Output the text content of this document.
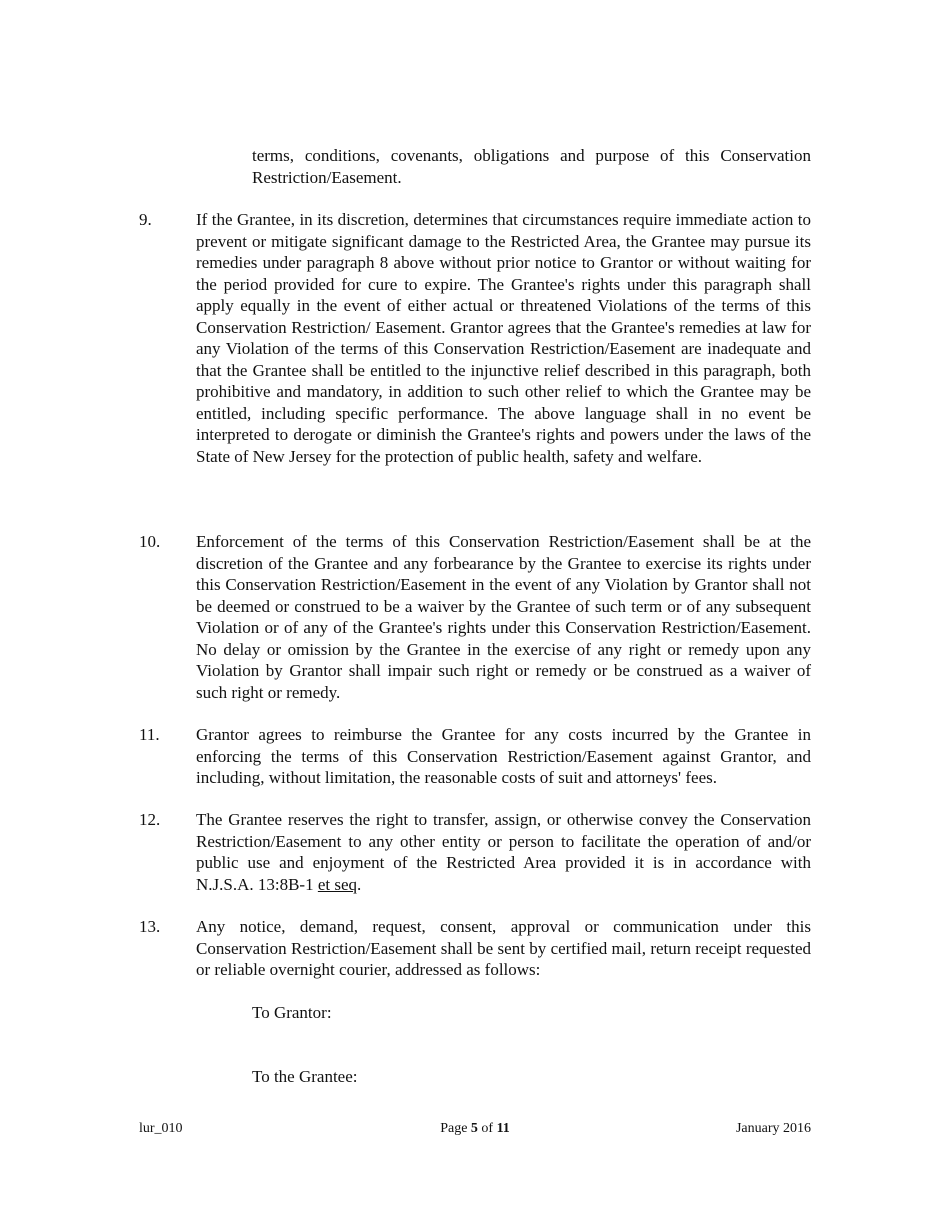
terms, conditions, covenants, obligations and purpose of this Conservation Restriction/Easement.

9.	If the Grantee, in its discretion, determines that circumstances require immediate action to prevent or mitigate significant damage to the Restricted Area, the Grantee may pursue its remedies under paragraph 8 above without prior notice to Grantor or without waiting for the period provided for cure to expire. The Grantee's rights under this paragraph shall apply equally in the event of either actual or threatened Violations of the terms of this Conservation Restriction/ Easement. Grantor agrees that the Grantee's remedies at law for any Violation of the terms of this Conservation Restriction/Easement are inadequate and that the Grantee shall be entitled to the injunctive relief described in this paragraph, both prohibitive and mandatory, in addition to such other relief to which the Grantee may be entitled, including specific performance. The above language shall in no event be interpreted to derogate or diminish the Grantee's rights and powers under the laws of the State of New Jersey for the protection of public health, safety and welfare.

10.	Enforcement of the terms of this Conservation Restriction/Easement shall be at the discretion of the Grantee and any forbearance by the Grantee to exercise its rights under this Conservation Restriction/Easement in the event of any Violation by Grantor shall not be deemed or construed to be a waiver by the Grantee of such term or of any subsequent Violation or of any of the Grantee's rights under this Conservation Restriction/Easement. No delay or omission by the Grantee in the exercise of any right or remedy upon any Violation by Grantor shall impair such right or remedy or be construed as a waiver of such right or remedy.

11.	Grantor agrees to reimburse the Grantee for any costs incurred by the Grantee in enforcing the terms of this Conservation Restriction/Easement against Grantor, and including, without limitation, the reasonable costs of suit and attorneys' fees.

12.	The Grantee reserves the right to transfer, assign, or otherwise convey the Conservation Restriction/Easement to any other entity or person to facilitate the operation of and/or public use and enjoyment of the Restricted Area provided it is in accordance with N.J.S.A. 13:8B-1 et seq.

13.	Any notice, demand, request, consent, approval or communication under this Conservation Restriction/Easement shall be sent by certified mail, return receipt requested or reliable overnight courier, addressed as follows:

To Grantor:
To the Grantee:
lur_010	Page 5 of 11	January 2016
